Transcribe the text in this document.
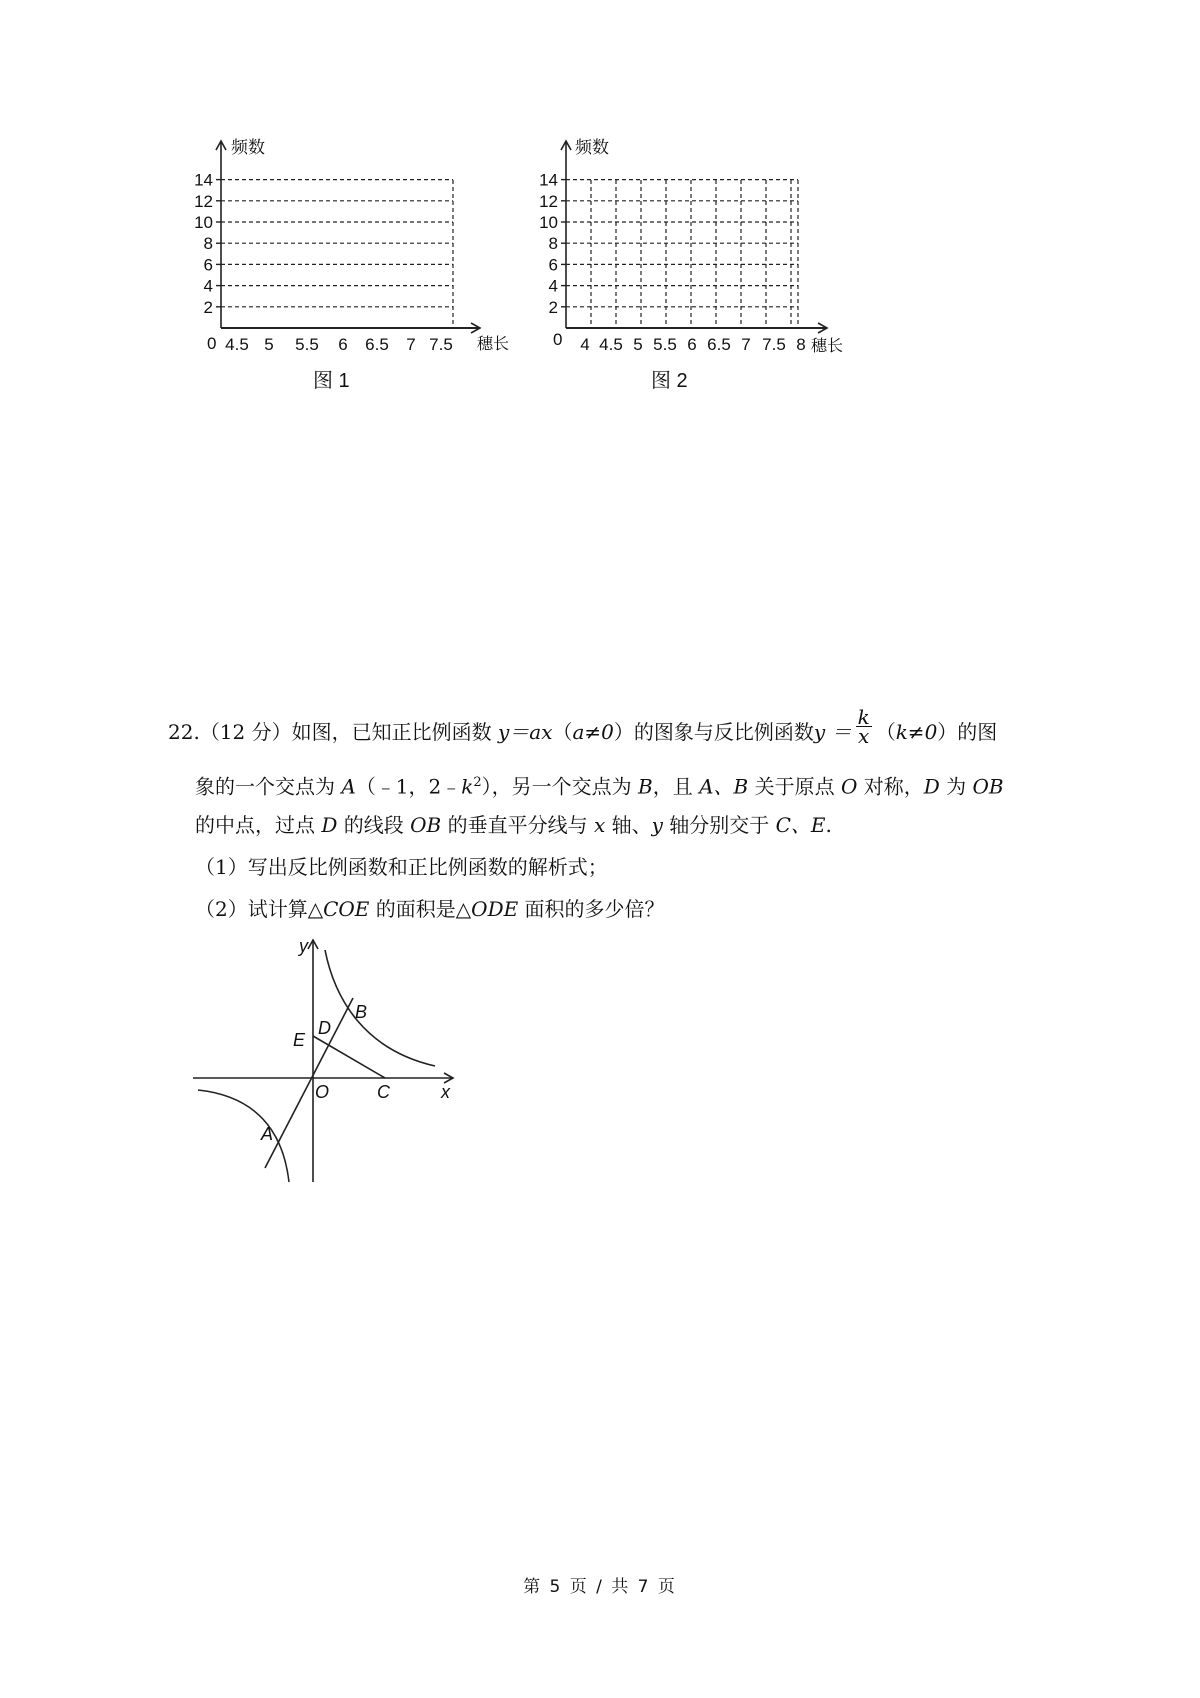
频数
穗长
0
2
4
6
8
10
12
14
4.5 5 5.5 6 6.5 7 7.5
图 1
频数
穗长
0
2
4
6
8
10
12
14
4 4.5 5 5.5 6 6.5 7 7.5 8
图 2
22.（12 分）如图，已知正比例函数 y＝ax（a≠0）的图象与反比例函数$y = \frac{k}{x} (k\ne 0)$的图
象的一个交点为 A（﹣1，$2﹣k^2$），另一个交点为 B，且 A、B 关于原点 O 对称，D 为 OB
的中点，过点 D 的线段 OB 的垂直平分线与 x 轴、y 轴分别交于 C、E.
（1）写出反比例函数和正比例函数的解析式；
（2）试计算△COE 的面积是△ODE 面积的多少倍？
y
x
O	C
E
D
B
A
第 5 页 / 共 7 页
